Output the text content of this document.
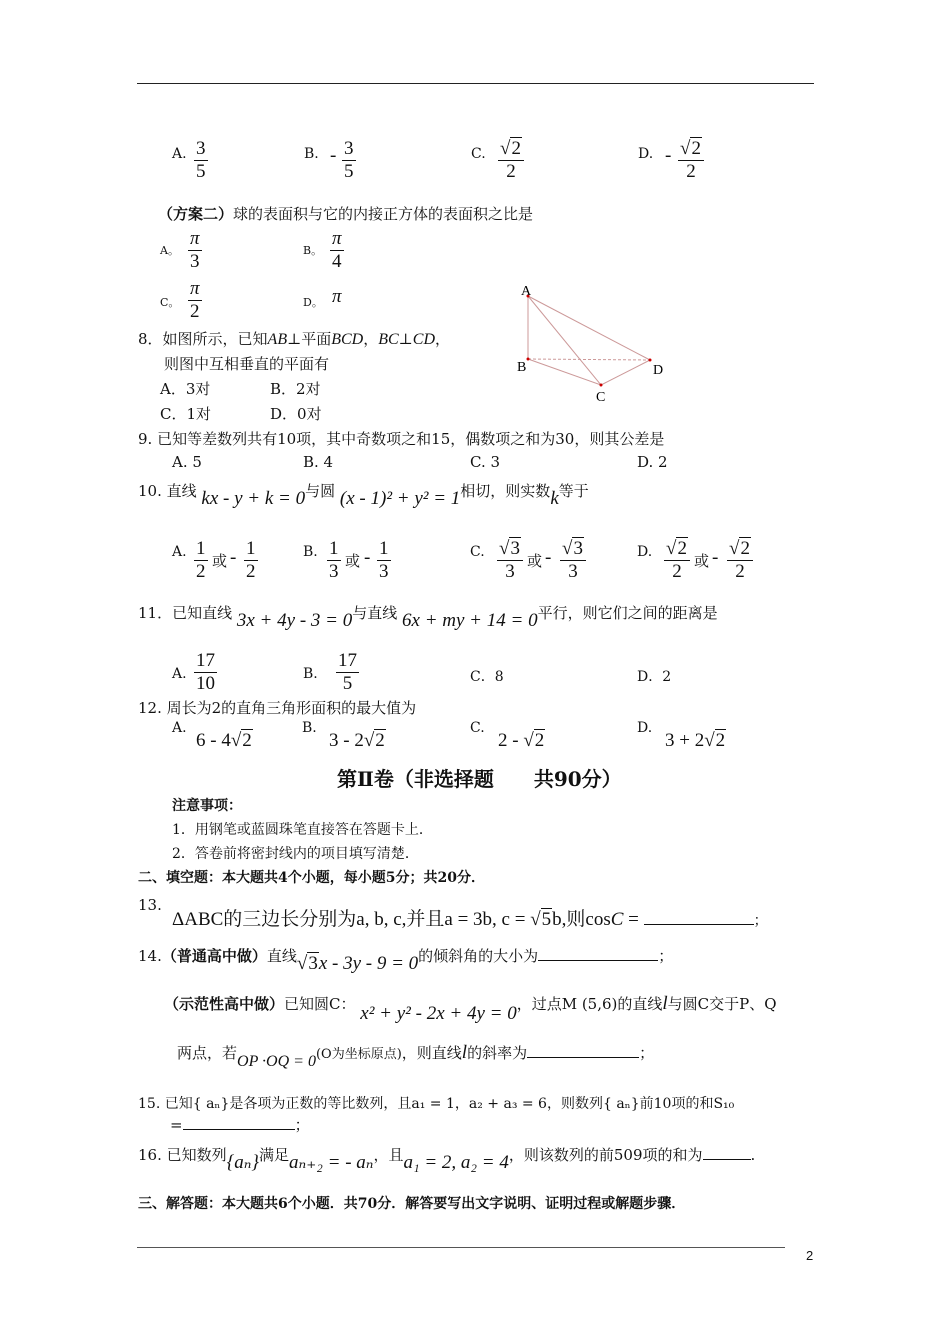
A. $\frac{3}{5}$	B. - $\frac{3}{5}$	C. $\frac{√2}{2}$	D. - $\frac{√2}{2}$
（方案二）球的表面积与它的内接正方体的表面积之比是
A。 $\frac{\pi}{3}$	B。 $\frac{\pi}{4}$
C。 $\frac{\pi}{2}$	D。 π
8．如图所示，已知AB⊥平面BCD，BC⊥CD，
则图中互相垂直的平面有
A．3对	B．2对
C．1对	D．0对
A
B
C
D
9. 已知等差数列共有10项，其中奇数项之和15，偶数项之和为30，则其公差是
A. 5	B. 4	C. 3	D. 2
10. 直线 kx - y + k = 0与圆 (x - 1)² + y² = 1相切，则实数k等于
A. $\frac{1}{2}$ 或 - $\frac{1}{2}$	B. $\frac{1}{3}$ 或 - $\frac{1}{3}$	C. $\frac{√3}{3}$ 或 - $\frac{√3}{3}$	D. $\frac{√2}{2}$ 或 - $\frac{√2}{2}$
11．已知直线 3x + 4y - 3 = 0与直线 6x + my + 14 = 0平行，则它们之间的距离是
A. $\frac{17}{10}$	B. $\frac{17}{5}$	C．8	D．2
12. 周长为2的直角三角形面积的最大值为
A.
6 - 4√2
B.
3 - 2√2
C.
2 - √2
D.
3 + 2√2
第Ⅱ卷（非选择题　　共90分）
注意事项：
1．用钢笔或蓝圆珠笔直接答在答题卡上．
2．答卷前将密封线内的项目填写清楚．
二、填空题：本大题共4个小题，每小题5分；共20分．
13.
ΔABC的三边长分别为a, b, c,并且a = 3b, c = √5b,则cosC =	；
14.（普通高中做）直线√3x - 3y - 9 = 0的倾斜角的大小为	；
（示范性高中做）已知圆C： x² + y² - 2x + 4y = 0，过点M (5,6)的直线l与圆C交于P、Q
两点，若OP ·OQ = 0(O为坐标原点)，则直线l的斜率为	；
15. 已知{ aₙ}是各项为正数的等比数列，且a₁ = 1，a₂ + a₃ = 6，则数列{ aₙ}前10项的和S₁₀
=	；
16. 已知数列{aₙ}满足aₙ₊₂ = - aₙ，且a₁ = 2, a₂ = 4，则该数列的前509项的和为	.
三、解答题：本大题共6个小题．共70分．解答要写出文字说明、证明过程或解题步骤．
2
